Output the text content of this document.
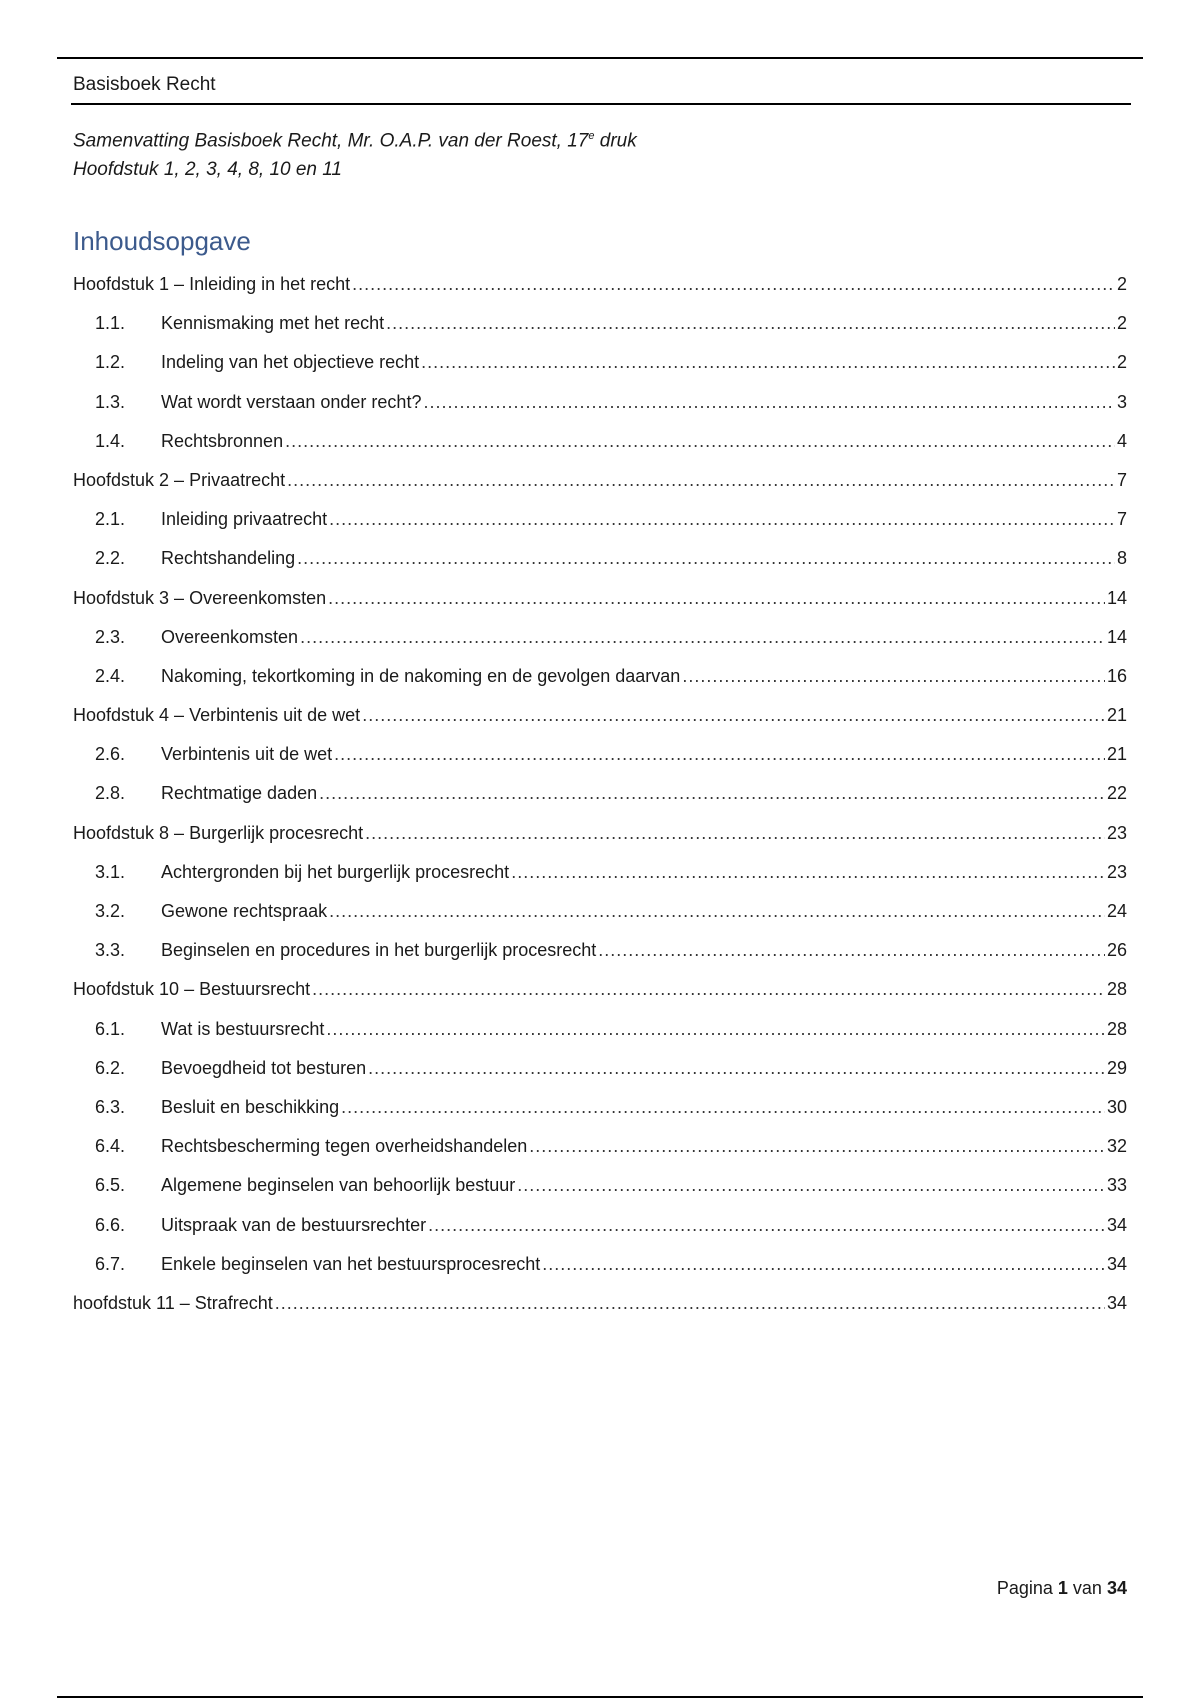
Basisboek Recht
Samenvatting Basisboek Recht, Mr. O.A.P. van der Roest, 17e druk
Hoofdstuk 1, 2, 3, 4, 8, 10 en 11
Inhoudsopgave
Hoofdstuk 1 – Inleiding in het recht .....	2
1.1.	Kennismaking met het recht .....	2
1.2.	Indeling van het objectieve recht .....	2
1.3.	Wat wordt verstaan onder recht? .....	3
1.4.	Rechtsbronnen .....	4
Hoofdstuk 2 – Privaatrecht .....	7
2.1.	Inleiding privaatrecht .....	7
2.2.	Rechtshandeling .....	8
Hoofdstuk 3 – Overeenkomsten .....	14
2.3.	Overeenkomsten .....	14
2.4.	Nakoming, tekortkoming in de nakoming en de gevolgen daarvan .....	16
Hoofdstuk 4 – Verbintenis uit de wet .....	21
2.6.	Verbintenis uit de wet .....	21
2.8.	Rechtmatige daden .....	22
Hoofdstuk 8 – Burgerlijk procesrecht .....	23
3.1.	Achtergronden bij het burgerlijk procesrecht .....	23
3.2.	Gewone rechtspraak .....	24
3.3.	Beginselen en procedures in het burgerlijk procesrecht .....	26
Hoofdstuk 10 – Bestuursrecht .....	28
6.1.	Wat is bestuursrecht .....	28
6.2.	Bevoegdheid tot besturen .....	29
6.3.	Besluit en beschikking .....	30
6.4.	Rechtsbescherming tegen overheidshandelen .....	32
6.5.	Algemene beginselen van behoorlijk bestuur .....	33
6.6.	Uitspraak van de bestuursrechter .....	34
6.7.	Enkele beginselen van het bestuursprocesrecht .....	34
hoofdstuk 11 – Strafrecht .....	34
Pagina 1 van 34
